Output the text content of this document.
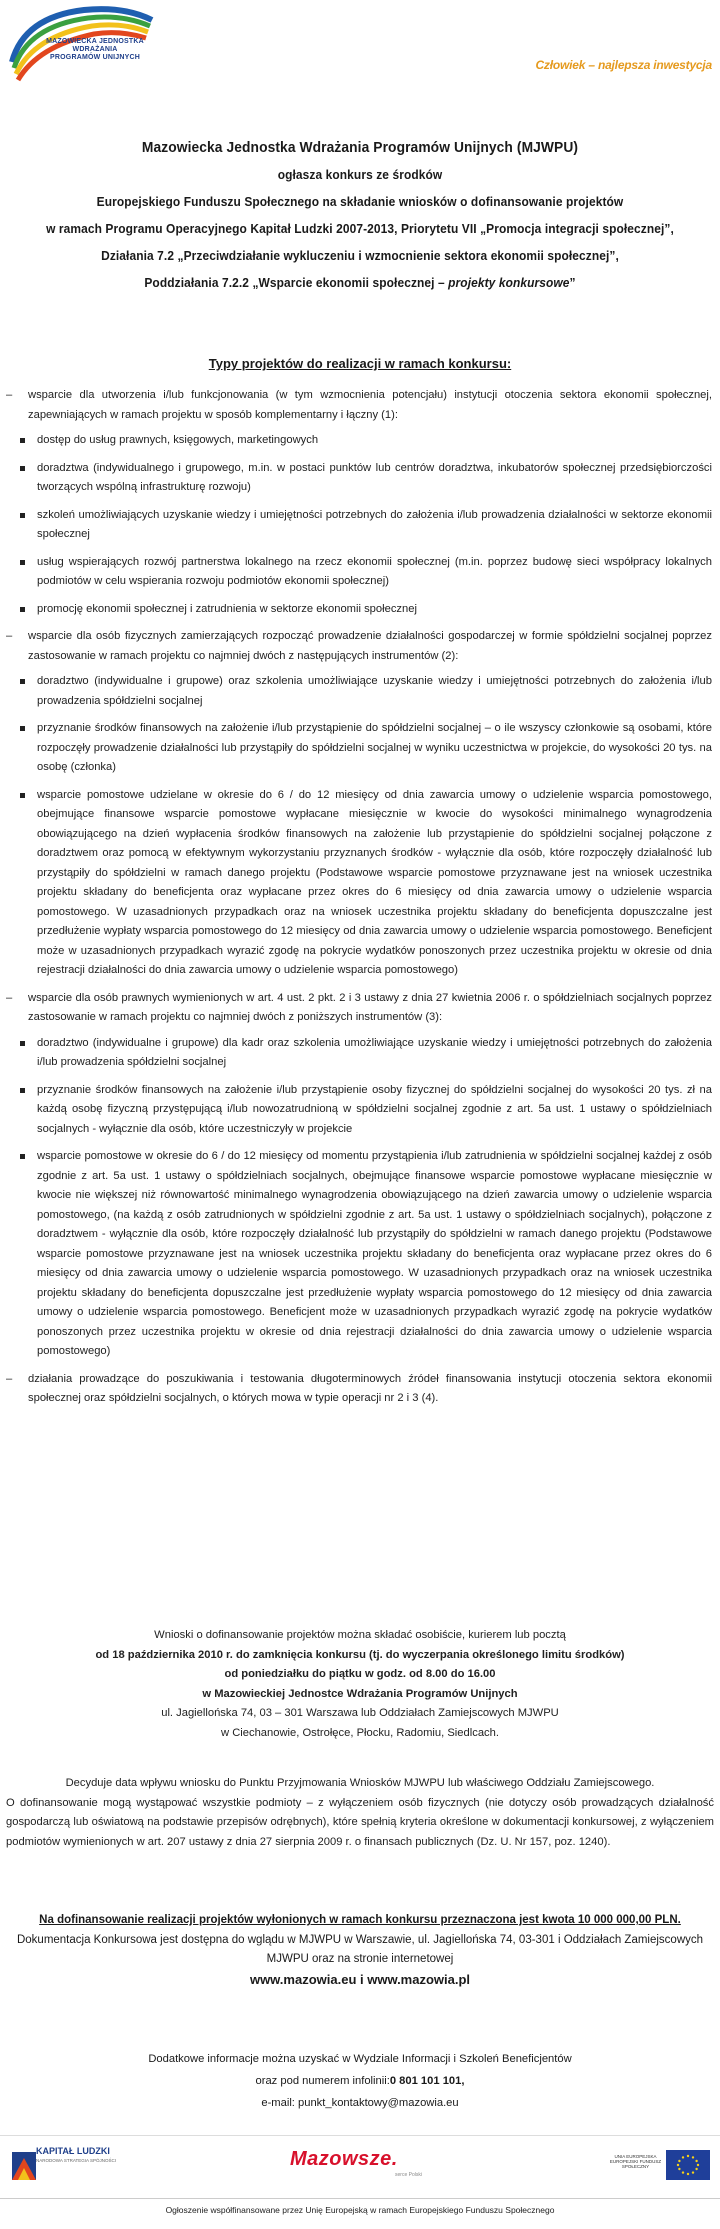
MAZOWIECKA JEDNOSTKA
WDRAŻANIA
PROGRAMÓW UNIJNYCH
Człowiek – najlepsza inwestycja
Mazowiecka Jednostka Wdrażania Programów Unijnych (MJWPU)
ogłasza konkurs ze środków
Europejskiego Funduszu Społecznego na składanie wniosków o dofinansowanie projektów
w ramach Programu Operacyjnego Kapitał Ludzki 2007-2013, Priorytetu VII „Promocja integracji społecznej”,
Działania 7.2 „Przeciwdziałanie wykluczeniu i wzmocnienie sektora ekonomii społecznej”,
Poddziałania 7.2.2 „Wsparcie ekonomii społecznej – projekty konkursowe”
Typy projektów do realizacji w ramach konkursu:
– wsparcie dla utworzenia i/lub funkcjonowania (w tym wzmocnienia potencjału) instytucji otoczenia sektora ekonomii społecznej, zapewniających w ramach projektu w sposób komplementarny i łączny (1):
dostęp do usług prawnych, księgowych, marketingowych
doradztwa (indywidualnego i grupowego, m.in. w postaci punktów lub centrów doradztwa, inkubatorów społecznej przedsiębiorczości tworzących wspólną infrastrukturę rozwoju)
szkoleń umożliwiających uzyskanie wiedzy i umiejętności potrzebnych do założenia i/lub prowadzenia działalności w sektorze ekonomii społecznej
usług wspierających rozwój partnerstwa lokalnego na rzecz ekonomii społecznej (m.in. poprzez budowę sieci współpracy lokalnych podmiotów w celu wspierania rozwoju podmiotów ekonomii społecznej)
promocję ekonomii społecznej i zatrudnienia w sektorze ekonomii społecznej
– wsparcie dla osób fizycznych zamierzających rozpocząć prowadzenie działalności gospodarczej w formie spółdzielni socjalnej poprzez zastosowanie w ramach projektu co najmniej dwóch z następujących instrumentów (2):
doradztwo (indywidualne i grupowe) oraz szkolenia umożliwiające uzyskanie wiedzy i umiejętności potrzebnych do założenia i/lub prowadzenia spółdzielni socjalnej
przyznanie środków finansowych na założenie i/lub przystąpienie do spółdzielni socjalnej – o ile wszyscy członkowie są osobami, które rozpoczęły prowadzenie działalności lub przystąpiły do spółdzielni socjalnej w wyniku uczestnictwa w projekcie, do wysokości 20 tys. na osobę (członka)
wsparcie pomostowe udzielane w okresie do 6 / do 12 miesięcy od dnia zawarcia umowy o udzielenie wsparcia pomostowego, obejmujące finansowe wsparcie pomostowe wypłacane miesięcznie w kwocie do wysokości minimalnego wynagrodzenia obowiązującego na dzień wypłacenia środków finansowych na założenie lub przystąpienie do spółdzielni socjalnej połączone z doradztwem oraz pomocą w efektywnym wykorzystaniu przyznanych środków - wyłącznie dla osób, które rozpoczęły działalność lub przystąpiły do spółdzielni w ramach danego projektu (Podstawowe wsparcie pomostowe przyznawane jest na wniosek uczestnika projektu składany do beneficjenta oraz wypłacane przez okres do 6 miesięcy od dnia zawarcia umowy o udzielenie wsparcia pomostowego. W uzasadnionych przypadkach oraz na wniosek uczestnika projektu składany do beneficjenta dopuszczalne jest przedłużenie wypłaty wsparcia pomostowego do 12 miesięcy od dnia zawarcia umowy o udzielenie wsparcia pomostowego. Beneficjent może w uzasadnionych przypadkach wyrazić zgodę na pokrycie wydatków ponoszonych przez uczestnika projektu w okresie od dnia rejestracji działalności do dnia zawarcia umowy o udzielenie wsparcia pomostowego)
– wsparcie dla osób prawnych wymienionych w art. 4 ust. 2 pkt. 2 i 3 ustawy z dnia 27 kwietnia 2006 r. o spółdzielniach socjalnych poprzez zastosowanie w ramach projektu co najmniej dwóch z poniższych instrumentów (3):
doradztwo (indywidualne i grupowe) dla kadr oraz szkolenia umożliwiające uzyskanie wiedzy i umiejętności potrzebnych do założenia i/lub prowadzenia spółdzielni socjalnej
przyznanie środków finansowych na założenie i/lub przystąpienie osoby fizycznej do spółdzielni socjalnej do wysokości 20 tys. zł na każdą osobę fizyczną przystępującą i/lub nowozatrudnioną w spółdzielni socjalnej zgodnie z art. 5a ust. 1 ustawy o spółdzielniach socjalnych - wyłącznie dla osób, które uczestniczyły w projekcie
wsparcie pomostowe w okresie do 6 / do 12 miesięcy od momentu przystąpienia i/lub zatrudnienia w spółdzielni socjalnej każdej z osób zgodnie z art. 5a ust. 1 ustawy o spółdzielniach socjalnych, obejmujące finansowe wsparcie pomostowe wypłacane miesięcznie w kwocie nie większej niż równowartość minimalnego wynagrodzenia obowiązującego na dzień zawarcia umowy o udzielenie wsparcia pomostowego, (na każdą z osób zatrudnionych w spółdzielni zgodnie z art. 5a ust. 1 ustawy o spółdzielniach socjalnych), połączone z doradztwem - wyłącznie dla osób, które rozpoczęły działalność lub przystąpiły do spółdzielni w ramach danego projektu (Podstawowe wsparcie pomostowe przyznawane jest na wniosek uczestnika projektu składany do beneficjenta oraz wypłacane przez okres do 6 miesięcy od dnia zawarcia umowy o udzielenie wsparcia pomostowego. W uzasadnionych przypadkach oraz na wniosek uczestnika projektu składany do beneficjenta dopuszczalne jest przedłużenie wypłaty wsparcia pomostowego do 12 miesięcy od dnia zawarcia umowy o udzielenie wsparcia pomostowego. Beneficjent może w uzasadnionych przypadkach wyrazić zgodę na pokrycie wydatków ponoszonych przez uczestnika projektu w okresie od dnia rejestracji działalności do dnia zawarcia umowy o udzielenie wsparcia pomostowego)
– działania prowadzące do poszukiwania i testowania długoterminowych źródeł finansowania instytucji otoczenia sektora ekonomii społecznej oraz spółdzielni socjalnych, o których mowa w typie operacji nr 2 i 3 (4).
Wnioski o dofinansowanie projektów można składać osobiście, kurierem lub pocztą
od 18 października 2010 r. do zamknięcia konkursu (tj. do wyczerpania określonego limitu środków)
od poniedziałku do piątku w godz. od 8.00 do 16.00
w Mazowieckiej Jednostce Wdrażania Programów Unijnych
ul. Jagiellońska 74, 03 – 301 Warszawa lub Oddziałach Zamiejscowych MJWPU
w Ciechanowie, Ostrołęce, Płocku, Radomiu, Siedlcach.
Decyduje data wpływu wniosku do Punktu Przyjmowania Wniosków MJWPU lub właściwego Oddziału Zamiejscowego.
O dofinansowanie mogą wystąpować wszystkie podmioty – z wyłączeniem osób fizycznych (nie dotyczy osób prowadzących działalność gospodarczą lub oświatową na podstawie przepisów odrębnych), które spełnią kryteria określone w dokumentacji konkursowej, z wyłączeniem podmiotów wymienionych w art. 207 ustawy z dnia 27 sierpnia 2009 r. o finansach publicznych (Dz. U. Nr 157, poz. 1240).
Na dofinansowanie realizacji projektów wyłonionych w ramach konkursu przeznaczona jest kwota 10 000 000,00 PLN.
Dokumentacja Konkursowa jest dostępna do wglądu w MJWPU w Warszawie, ul. Jagiellońska 74, 03-301 i Oddziałach Zamiejscowych
MJWPU oraz na stronie internetowej
www.mazowia.eu i www.mazowia.pl
Dodatkowe informacje można uzyskać w Wydziale Informacji i Szkoleń Beneficjentów
oraz pod numerem infolinii:0 801 101 101,
e-mail: punkt_kontaktowy@mazowia.eu
KAPITAŁ LUDZKI
NARODOWA STRATEGIA SPÓJNOŚCI	Mazowsze.
serce Polski
UNIA EUROPEJSKA EUROPEJSKI FUNDUSZ SPOŁECZNY
Ogłoszenie współfinansowane przez Unię Europejską w ramach Europejskiego Funduszu Społecznego
